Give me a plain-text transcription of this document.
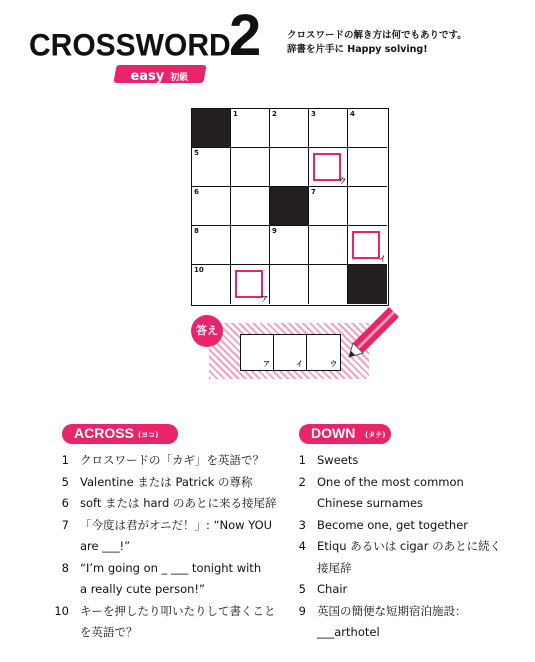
CROSSWORD
2
easy 初級
クロスワードの解き方は何でもありです。
辞書を片手に Happy solving!
1	2	3	4
5
ウ
6	7
8	9
イ
10
ア
答え
ア	イ	ウ
ACROSS (ヨコ)
1 クロスワードの「カギ」を英語で？
5 Valentine または Patrick の尊称
6 soft または hard のあとに来る接尾辞
7 「今度は君がオニだ！」: “Now YOU
are ___!”
8 “I’m going on _ ___ tonight with
a really cute person!”
10 キーを押したり叩いたりして書くこと
を英語で？
DOWN (タテ)
1 Sweets
2 One of the most common
Chinese surnames
3 Become one, get together
4 Etiqu あるいは cigar のあとに続く
接尾辞
5 Chair
9 英国の簡便な短期宿泊施設：
___arthotel
